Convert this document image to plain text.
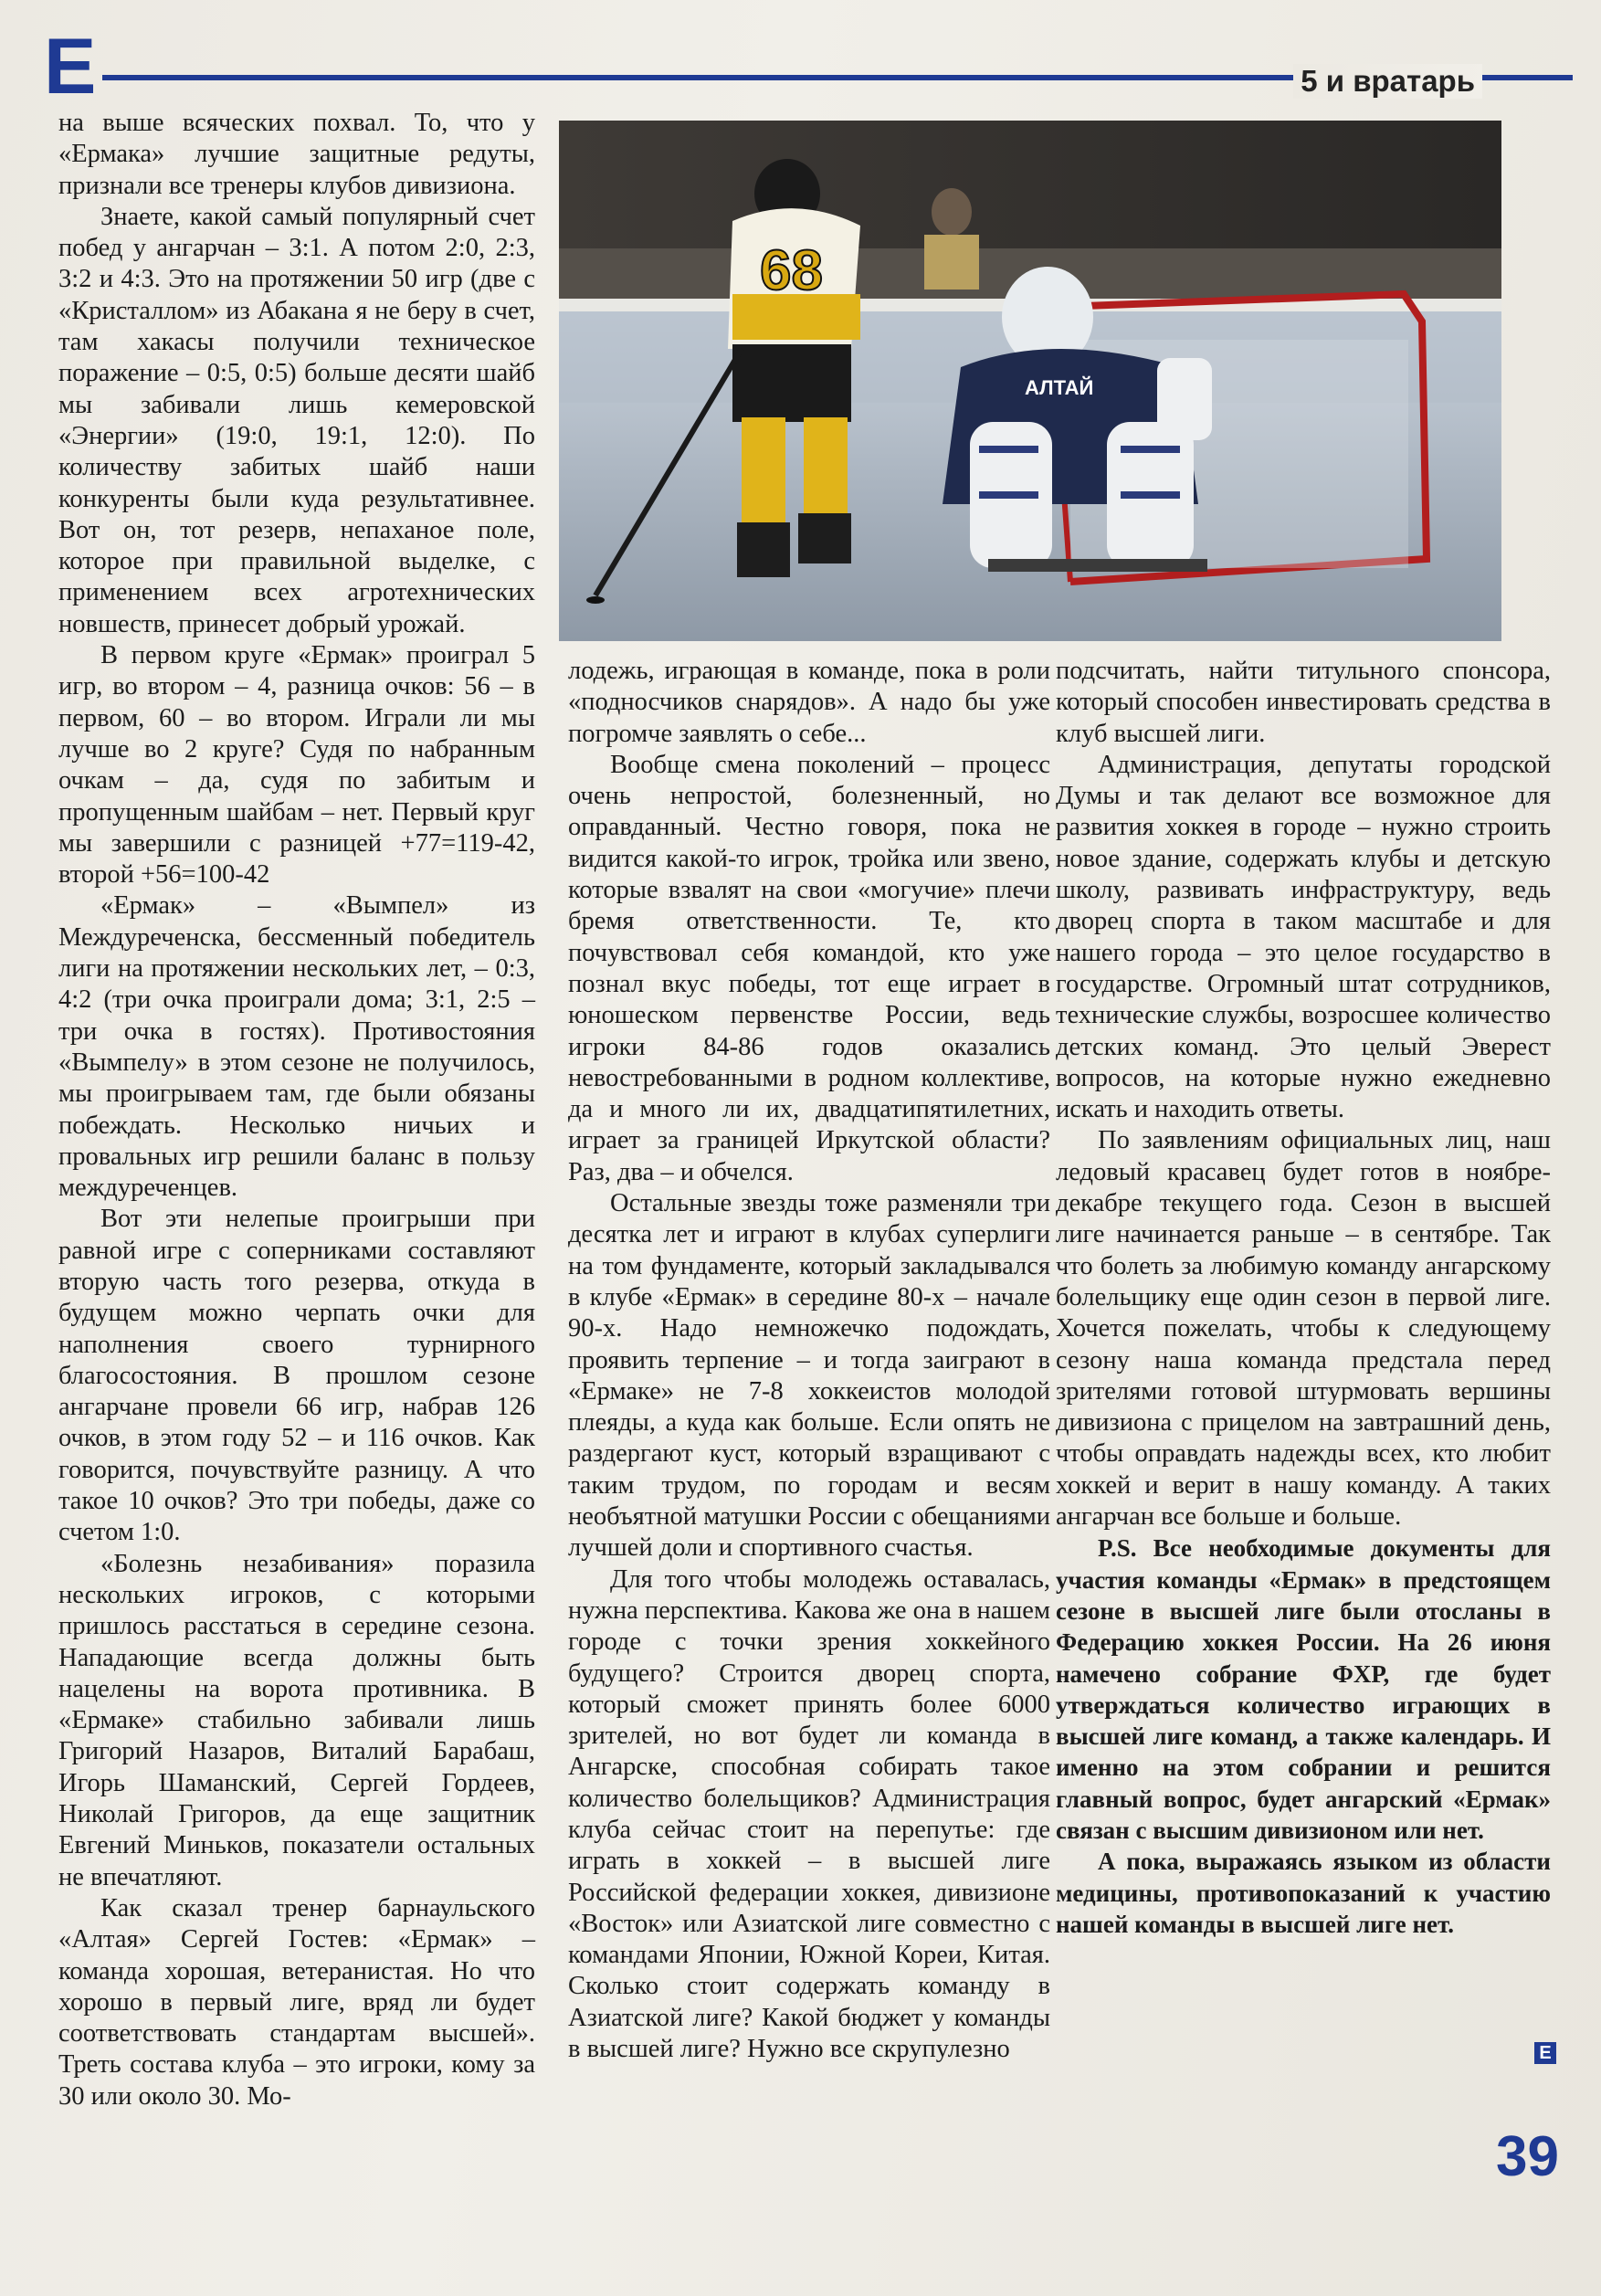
Е	5 и вратарь
АЛТАЙ
68

на выше всяческих похвал. То, что у «Ермака» лучшие защитные редуты, признали все тренеры клубов дивизиона.

Знаете, какой самый популярный счет побед у ангарчан – 3:1. А потом 2:0, 2:3, 3:2 и 4:3. Это на протяжении 50 игр (две с «Кристаллом» из Абакана я не беру в счет, там хакасы получили техническое поражение – 0:5, 0:5) больше десяти шайб мы забивали лишь кемеровской «Энергии» (19:0, 19:1, 12:0). По количеству забитых шайб наши конкуренты были куда результативнее. Вот он, тот резерв, непаханое поле, которое при правильной выделке, с применением всех агротехнических новшеств, принесет добрый урожай.

В первом круге «Ермак» проиграл 5 игр, во втором – 4, разница очков: 56 – в первом, 60 – во втором. Играли ли мы лучше во 2 круге? Судя по набранным очкам – да, судя по забитым и пропущенным шайбам – нет. Первый круг мы завершили с разницей +77=119-42, второй +56=100-42

«Ермак» – «Вымпел» из Междуреченска, бессменный победитель лиги на протяжении нескольких лет, – 0:3, 4:2 (три очка проиграли дома; 3:1, 2:5 – три очка в гостях). Противостояния «Вымпелу» в этом сезоне не получилось, мы проигрываем там, где были обязаны побеждать. Несколько ничьих и провальных игр решили баланс в пользу междуреченцев.

Вот эти нелепые проигрыши при равной игре с соперниками составляют вторую часть того резерва, откуда в будущем можно черпать очки для наполнения своего турнирного благосостояния. В прошлом сезоне ангарчане провели 66 игр, набрав 126 очков, в этом году 52 – и 116 очков. Как говорится, почувствуйте разницу. А что такое 10 очков? Это три победы, даже со счетом 1:0.

«Болезнь незабивания» поразила нескольких игроков, с которыми пришлось расстаться в середине сезона. Нападающие всегда должны быть нацелены на ворота противника. В «Ермаке» стабильно забивали лишь Григорий Назаров, Виталий Барабаш, Игорь Шаманский, Сергей Гордеев, Николай Григоров, да еще защитник Евгений Миньков, показатели остальных не впечатляют.

Как сказал тренер барнаульского «Алтая» Сергей Гостев: «Ермак» – команда хорошая, ветеранистая. Но что хорошо в первый лиге, вряд ли будет соответствовать стандартам высшей». Треть состава клуба – это игроки, кому за 30 или около 30. Мо-

лодежь, играющая в команде, пока в роли «подносчиков снарядов». А надо бы уже погромче заявлять о себе...

Вообще смена поколений – процесс очень непростой, болезненный, но оправданный. Честно говоря, пока не видится какой-то игрок, тройка или звено, которые взвалят на свои «могучие» плечи бремя ответственности. Те, кто почувствовал себя командой, кто уже познал вкус победы, тот еще играет в юношеском первенстве России, ведь игроки 84-86 годов оказались невостребованными в родном коллективе, да и много ли их, двадцатипятилетних, играет за границей Иркутской области? Раз, два – и обчелся.

Остальные звезды тоже разменяли три десятка лет и играют в клубах суперлиги на том фундаменте, который закладывался в клубе «Ермак» в середине 80-х – начале 90-х. Надо немножечко подождать, проявить терпение – и тогда заиграют в «Ермаке» не 7-8 хоккеистов молодой плеяды, а куда как больше. Если опять не раздергают куст, который взращивают с таким трудом, по городам и весям необъятной матушки России с обещаниями лучшей доли и спортивного счастья.

Для того чтобы молодежь оставалась, нужна перспектива. Какова же она в нашем городе с точки зрения хоккейного будущего? Строится дворец спорта, который сможет принять более 6000 зрителей, но вот будет ли команда в Ангарске, способная собирать такое количество болельщиков? Администрация клуба сейчас стоит на перепутье: где играть в хоккей – в высшей лиге Российской федерации хоккея, дивизионе «Восток» или Азиатской лиге совместно с командами Японии, Южной Кореи, Китая. Сколько стоит содержать команду в Азиатской лиге? Какой бюджет у команды в высшей лиге? Нужно все скрупулезно

подсчитать, найти титульного спонсора, который способен инвестировать средства в клуб высшей лиги.

Администрация, депутаты городской Думы и так делают все возможное для развития хоккея в городе – нужно строить новое здание, содержать клубы и детскую школу, развивать инфраструктуру, ведь дворец спорта в таком масштабе и для нашего города – это целое государство в государстве. Огромный штат сотрудников, технические службы, возросшее количество детских команд. Это целый Эверест вопросов, на которые нужно ежедневно искать и находить ответы.

По заявлениям официальных лиц, наш ледовый красавец будет готов в ноябре-декабре текущего года. Сезон в высшей лиге начинается раньше – в сентябре. Так что болеть за любимую команду ангарскому болельщику еще один сезон в первой лиге. Хочется пожелать, чтобы к следующему сезону наша команда предстала перед зрителями готовой штурмовать вершины дивизиона с прицелом на завтрашний день, чтобы оправдать надежды всех, кто любит хоккей и верит в нашу команду. А таких ангарчан все больше и больше.

P.S. Все необходимые документы для участия команды «Ермак» в предстоящем сезоне в высшей лиге были отосланы в Федерацию хоккея России. На 26 июня намечено собрание ФХР, где будет утверждаться количество играющих в высшей лиге команд, а также календарь. И именно на этом собрании и решится главный вопрос, будет ангарский «Ермак» связан с высшим дивизионом или нет.

А пока, выражаясь языком из области медицины, противопоказаний к участию нашей команды в высшей лиге нет.

Е
39
